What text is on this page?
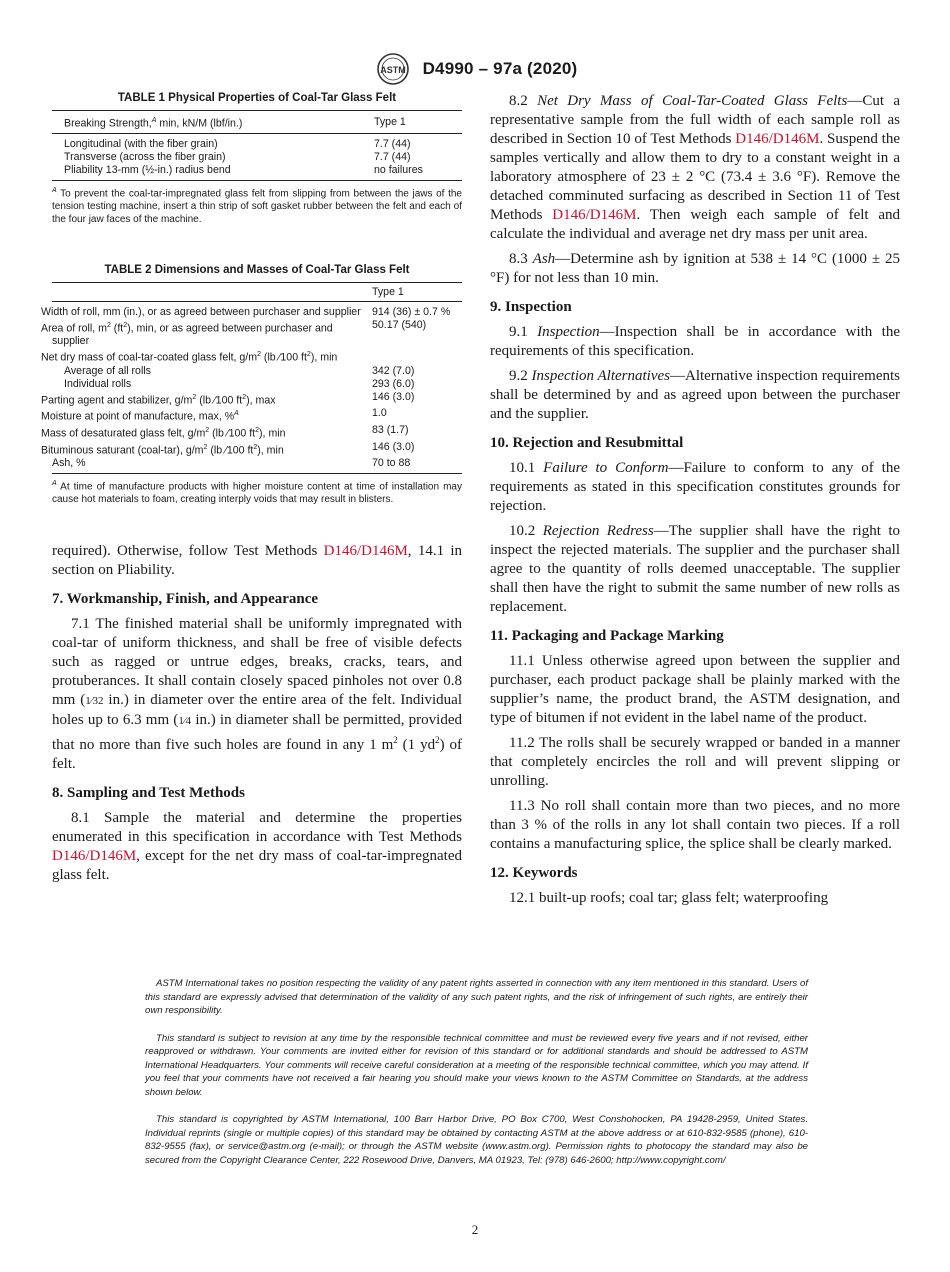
ASTM D4990 – 97a (2020)
TABLE 1 Physical Properties of Coal-Tar Glass Felt
Breaking Strength,$^A$ min, kN/M (lbf/in.)	Type 1
Longitudinal (with the fiber grain)	7.7 (44)
Transverse (across the fiber grain)	7.7 (44)
Pliability 13-mm (½-in.) radius bend	no failures
$^A$ To prevent the coal-tar-impregnated glass felt from slipping from between the jaws of the tension testing machine, insert a thin strip of soft gasket rubber between the felt and each of the four jaw faces of the machine.
TABLE 2 Dimensions and Masses of Coal-Tar Glass Felt
	Type 1
Width of roll, mm (in.), or as agreed between purchaser and supplier	914 (36) ± 0.7 %
Area of roll, $m^2$ $(ft^2)$, min, or as agreed between purchaser and supplier	50.17 (540)
Net dry mass of coal-tar-coated glass felt, $g/m^2$ (lb ⁄100 $ft^2$), min	
Average of all rolls	342 (7.0)
Individual rolls	293 (6.0)
Parting agent and stabilizer, $g/m^2$ (lb ⁄100 $ft^2$), max	146 (3.0)
Moisture at point of manufacture, max, %$^A$	1.0
Mass of desaturated glass felt, $g/m^2$ (lb ⁄100 $ft^2$), min	83 (1.7)
Bituminous saturant (coal-tar), $g/m^2$ (lb ⁄100 $ft^2$), min	146 (3.0)
Ash, %	70 to 88
$^A$ At time of manufacture products with higher moisture content at time of installation may cause hot materials to foam, creating interply voids that may result in blisters.

required). Otherwise, follow Test Methods D146/D146M, 14.1 in section on Pliability.

7. Workmanship, Finish, and Appearance

7.1 The finished material shall be uniformly impregnated with coal-tar of uniform thickness, and shall be free of visible defects such as ragged or untrue edges, breaks, cracks, tears, and protuberances. It shall contain closely spaced pinholes not over 0.8 mm (1⁄32 in.) in diameter over the entire area of the felt. Individual holes up to 6.3 mm (1⁄4 in.) in diameter shall be permitted, provided that no more than five such holes are found in any 1 $m^2$ (1 $yd^2$) of felt.

8. Sampling and Test Methods

8.1 Sample the material and determine the properties enumerated in this specification in accordance with Test Methods D146/D146M, except for the net dry mass of coal-tar-impregnated glass felt.

8.2 Net Dry Mass of Coal-Tar-Coated Glass Felts—Cut a representative sample from the full width of each sample roll as described in Section 10 of Test Methods D146/D146M. Suspend the samples vertically and allow them to dry to a constant weight in a laboratory atmosphere of 23 ± 2 °C (73.4 ± 3.6 °F). Remove the detached comminuted surfacing as described in Section 11 of Test Methods D146/D146M. Then weigh each sample of felt and calculate the individual and average net dry mass per unit area.

8.3 Ash—Determine ash by ignition at 538 ± 14 °C (1000 ± 25 °F) for not less than 10 min.

9. Inspection

9.1 Inspection—Inspection shall be in accordance with the requirements of this specification.

9.2 Inspection Alternatives—Alternative inspection requirements shall be determined by and as agreed upon between the purchaser and the supplier.

10. Rejection and Resubmittal

10.1 Failure to Conform—Failure to conform to any of the requirements as stated in this specification constitutes grounds for rejection.

10.2 Rejection Redress—The supplier shall have the right to inspect the rejected materials. The supplier and the purchaser shall agree to the quantity of rolls deemed unacceptable. The supplier shall then have the right to submit the same number of new rolls as replacement.

11. Packaging and Package Marking

11.1 Unless otherwise agreed upon between the supplier and purchaser, each product package shall be plainly marked with the supplier’s name, the product brand, the ASTM designation, and type of bitumen if not evident in the label name of the product.

11.2 The rolls shall be securely wrapped or banded in a manner that completely encircles the roll and will prevent slipping or unrolling.

11.3 No roll shall contain more than two pieces, and no more than 3 % of the rolls in any lot shall contain two pieces. If a roll contains a manufacturing splice, the splice shall be clearly marked.

12. Keywords

12.1 built-up roofs; coal tar; glass felt; waterproofing

ASTM International takes no position respecting the validity of any patent rights asserted in connection with any item mentioned in this standard. Users of this standard are expressly advised that determination of the validity of any such patent rights, and the risk of infringement of such rights, are entirely their own responsibility.

This standard is subject to revision at any time by the responsible technical committee and must be reviewed every five years and if not revised, either reapproved or withdrawn. Your comments are invited either for revision of this standard or for additional standards and should be addressed to ASTM International Headquarters. Your comments will receive careful consideration at a meeting of the responsible technical committee, which you may attend. If you feel that your comments have not received a fair hearing you should make your views known to the ASTM Committee on Standards, at the address shown below.

This standard is copyrighted by ASTM International, 100 Barr Harbor Drive, PO Box C700, West Conshohocken, PA 19428-2959, United States. Individual reprints (single or multiple copies) of this standard may be obtained by contacting ASTM at the above address or at 610-832-9585 (phone), 610-832-9555 (fax), or service@astm.org (e-mail); or through the ASTM website (www.astm.org). Permission rights to photocopy the standard may also be secured from the Copyright Clearance Center, 222 Rosewood Drive, Danvers, MA 01923, Tel: (978) 646-2600; http://www.copyright.com/

2
